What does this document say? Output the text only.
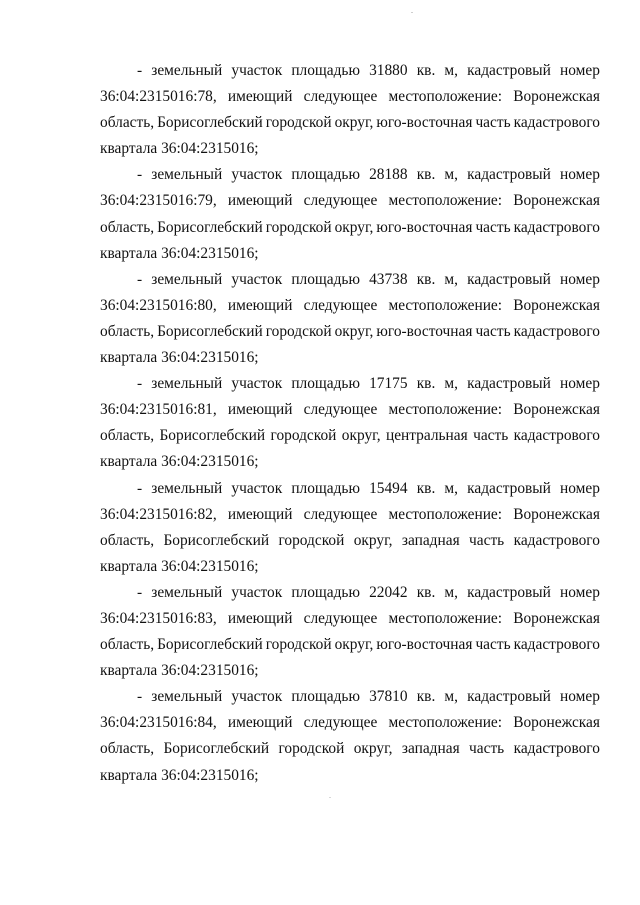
- земельный участок площадью 31880 кв. м, кадастровый номер
36:04:2315016:78, имеющий следующее местоположение: Воронежская
область, Борисоглебский городской округ, юго-восточная часть кадастрового
квартала 36:04:2315016;
- земельный участок площадью 28188 кв. м, кадастровый номер
36:04:2315016:79, имеющий следующее местоположение: Воронежская
область, Борисоглебский городской округ, юго-восточная часть кадастрового
квартала 36:04:2315016;
- земельный участок площадью 43738 кв. м, кадастровый номер
36:04:2315016:80, имеющий следующее местоположение: Воронежская
область, Борисоглебский городской округ, юго-восточная часть кадастрового
квартала 36:04:2315016;
- земельный участок площадью 17175 кв. м, кадастровый номер
36:04:2315016:81, имеющий следующее местоположение: Воронежская
область, Борисоглебский городской округ, центральная часть кадастрового
квартала 36:04:2315016;
- земельный участок площадью 15494 кв. м, кадастровый номер
36:04:2315016:82, имеющий следующее местоположение: Воронежская
область, Борисоглебский городской округ, западная часть кадастрового
квартала 36:04:2315016;
- земельный участок площадью 22042 кв. м, кадастровый номер
36:04:2315016:83, имеющий следующее местоположение: Воронежская
область, Борисоглебский городской округ, юго-восточная часть кадастрового
квартала 36:04:2315016;
- земельный участок площадью 37810 кв. м, кадастровый номер
36:04:2315016:84, имеющий следующее местоположение: Воронежская
область, Борисоглебский городской округ, западная часть кадастрового
квартала 36:04:2315016;
